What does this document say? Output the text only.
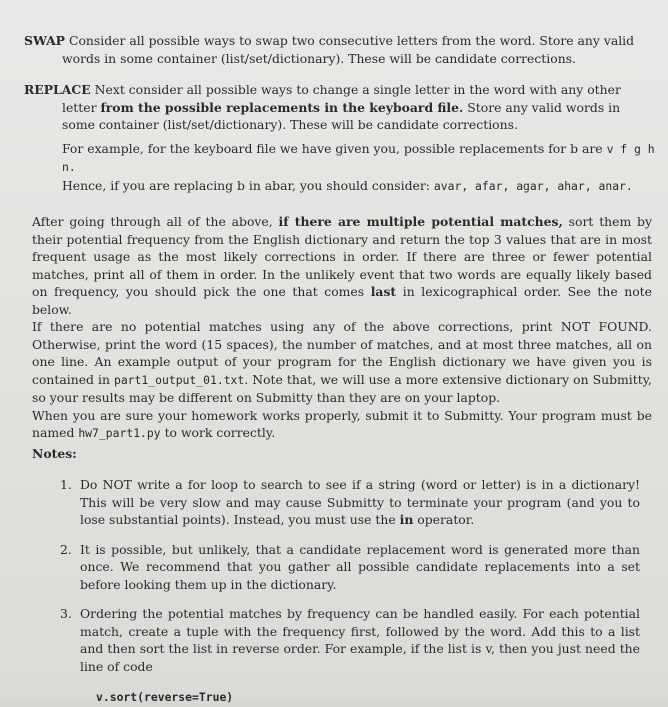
SWAP Consider all possible ways to swap two consecutive letters from the word. Store any valid words in some container (list/set/dictionary). These will be candidate corrections.

REPLACE Next consider all possible ways to change a single letter in the word with any other letter from the possible replacements in the keyboard file. Store any valid words in some container (list/set/dictionary). These will be candidate corrections.

For example, for the keyboard file we have given you, possible replacements for b are v f g h n.
Hence, if you are replacing b in abar, you should consider: avar, afar, agar, ahar, anar.

After going through all of the above, if there are multiple potential matches, sort them by their potential frequency from the English dictionary and return the top 3 values that are in most frequent usage as the most likely corrections in order. If there are three or fewer potential matches, print all of them in order. In the unlikely event that two words are equally likely based on frequency, you should pick the one that comes last in lexicographical order. See the note below.

If there are no potential matches using any of the above corrections, print NOT FOUND. Otherwise, print the word (15 spaces), the number of matches, and at most three matches, all on one line. An example output of your program for the English dictionary we have given you is contained in part1_output_01.txt. Note that, we will use a more extensive dictionary on Submitty, so your results may be different on Submitty than they are on your laptop.

When you are sure your homework works properly, submit it to Submitty. Your program must be named hw7_part1.py to work correctly.

Notes:
1. Do NOT write a for loop to search to see if a string (word or letter) is in a dictionary! This will be very slow and may cause Submitty to terminate your program (and you to lose substantial points). Instead, you must use the in operator.
2. It is possible, but unlikely, that a candidate replacement word is generated more than once. We recommend that you gather all possible candidate replacements into a set before looking them up in the dictionary.
3. Ordering the potential matches by frequency can be handled easily. For each potential match, create a tuple with the frequency first, followed by the word. Add this to a list and then sort the list in reverse order. For example, if the list is v, then you just need the line of code
v.sort(reverse=True)
